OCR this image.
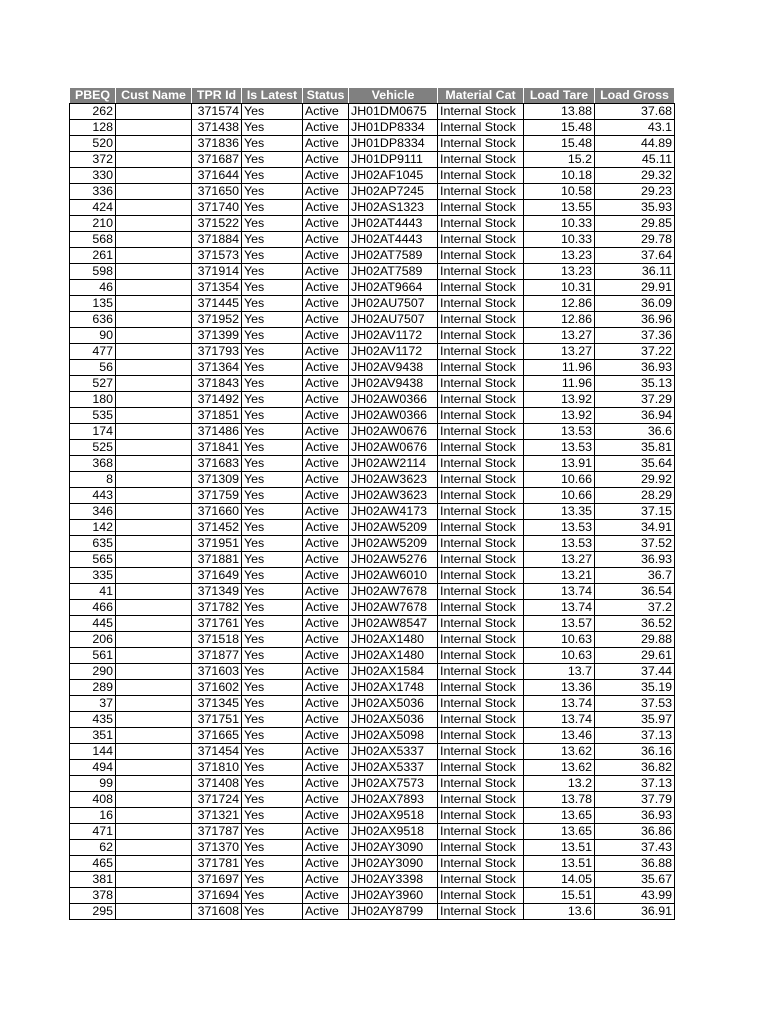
PBEQ	Cust Name	TPR Id	Is Latest	Status	Vehicle	Material Cat	Load Tare	Load Gross
262		371574	Yes	Active	JH01DM0675	Internal Stock	13.88	37.68
128		371438	Yes	Active	JH01DP8334	Internal Stock	15.48	43.1
520		371836	Yes	Active	JH01DP8334	Internal Stock	15.48	44.89
372		371687	Yes	Active	JH01DP9111	Internal Stock	15.2	45.11
330		371644	Yes	Active	JH02AF1045	Internal Stock	10.18	29.32
336		371650	Yes	Active	JH02AP7245	Internal Stock	10.58	29.23
424		371740	Yes	Active	JH02AS1323	Internal Stock	13.55	35.93
210		371522	Yes	Active	JH02AT4443	Internal Stock	10.33	29.85
568		371884	Yes	Active	JH02AT4443	Internal Stock	10.33	29.78
261		371573	Yes	Active	JH02AT7589	Internal Stock	13.23	37.64
598		371914	Yes	Active	JH02AT7589	Internal Stock	13.23	36.11
46		371354	Yes	Active	JH02AT9664	Internal Stock	10.31	29.91
135		371445	Yes	Active	JH02AU7507	Internal Stock	12.86	36.09
636		371952	Yes	Active	JH02AU7507	Internal Stock	12.86	36.96
90		371399	Yes	Active	JH02AV1172	Internal Stock	13.27	37.36
477		371793	Yes	Active	JH02AV1172	Internal Stock	13.27	37.22
56		371364	Yes	Active	JH02AV9438	Internal Stock	11.96	36.93
527		371843	Yes	Active	JH02AV9438	Internal Stock	11.96	35.13
180		371492	Yes	Active	JH02AW0366	Internal Stock	13.92	37.29
535		371851	Yes	Active	JH02AW0366	Internal Stock	13.92	36.94
174		371486	Yes	Active	JH02AW0676	Internal Stock	13.53	36.6
525		371841	Yes	Active	JH02AW0676	Internal Stock	13.53	35.81
368		371683	Yes	Active	JH02AW2114	Internal Stock	13.91	35.64
8		371309	Yes	Active	JH02AW3623	Internal Stock	10.66	29.92
443		371759	Yes	Active	JH02AW3623	Internal Stock	10.66	28.29
346		371660	Yes	Active	JH02AW4173	Internal Stock	13.35	37.15
142		371452	Yes	Active	JH02AW5209	Internal Stock	13.53	34.91
635		371951	Yes	Active	JH02AW5209	Internal Stock	13.53	37.52
565		371881	Yes	Active	JH02AW5276	Internal Stock	13.27	36.93
335		371649	Yes	Active	JH02AW6010	Internal Stock	13.21	36.7
41		371349	Yes	Active	JH02AW7678	Internal Stock	13.74	36.54
466		371782	Yes	Active	JH02AW7678	Internal Stock	13.74	37.2
445		371761	Yes	Active	JH02AW8547	Internal Stock	13.57	36.52
206		371518	Yes	Active	JH02AX1480	Internal Stock	10.63	29.88
561		371877	Yes	Active	JH02AX1480	Internal Stock	10.63	29.61
290		371603	Yes	Active	JH02AX1584	Internal Stock	13.7	37.44
289		371602	Yes	Active	JH02AX1748	Internal Stock	13.36	35.19
37		371345	Yes	Active	JH02AX5036	Internal Stock	13.74	37.53
435		371751	Yes	Active	JH02AX5036	Internal Stock	13.74	35.97
351		371665	Yes	Active	JH02AX5098	Internal Stock	13.46	37.13
144		371454	Yes	Active	JH02AX5337	Internal Stock	13.62	36.16
494		371810	Yes	Active	JH02AX5337	Internal Stock	13.62	36.82
99		371408	Yes	Active	JH02AX7573	Internal Stock	13.2	37.13
408		371724	Yes	Active	JH02AX7893	Internal Stock	13.78	37.79
16		371321	Yes	Active	JH02AX9518	Internal Stock	13.65	36.93
471		371787	Yes	Active	JH02AX9518	Internal Stock	13.65	36.86
62		371370	Yes	Active	JH02AY3090	Internal Stock	13.51	37.43
465		371781	Yes	Active	JH02AY3090	Internal Stock	13.51	36.88
381		371697	Yes	Active	JH02AY3398	Internal Stock	14.05	35.67
378		371694	Yes	Active	JH02AY3960	Internal Stock	15.51	43.99
295		371608	Yes	Active	JH02AY8799	Internal Stock	13.6	36.91
